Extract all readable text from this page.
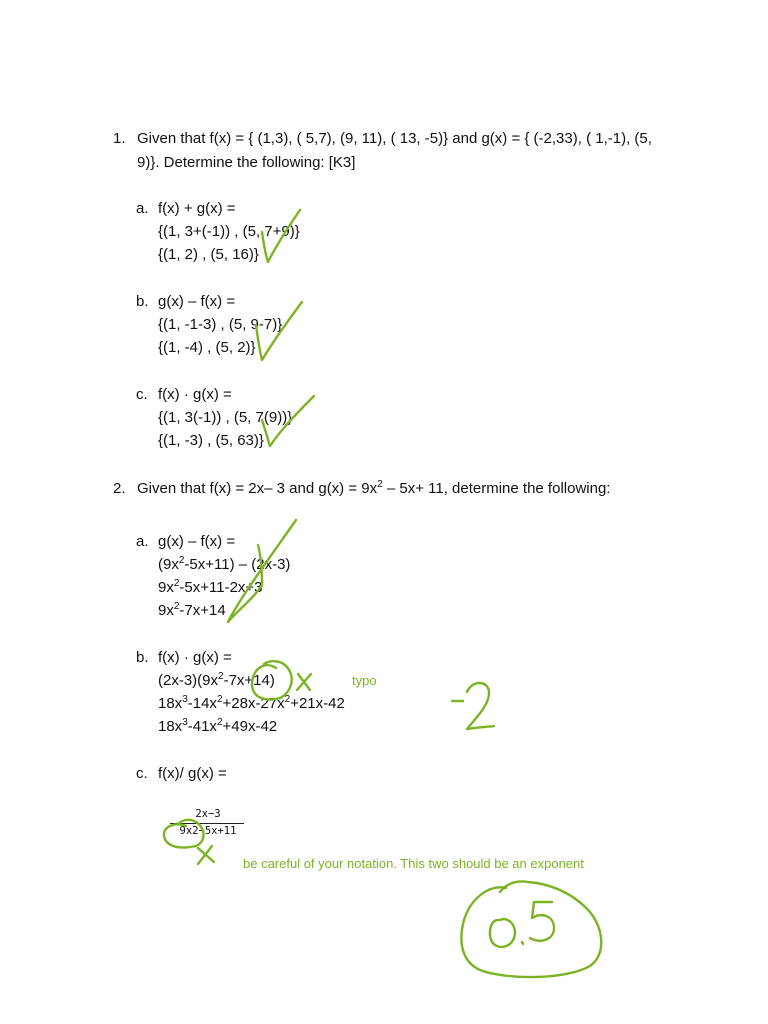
1. Given that f(x) = { (1,3), ( 5,7), (9, 11), ( 13, -5)} and g(x) = { (-2,33), ( 1,-1), (5,
9)}. Determine the following: [K3]
a. f(x) + g(x) =
{(1, 3+(-1)) , (5, 7+9)}
{(1, 2) , (5, 16)}
b. g(x) – f(x) =
{(1, -1-3) , (5, 9-7)}
{(1, -4) , (5, 2)}
c. f(x) · g(x) =
{(1, 3(-1)) , (5, 7(9))}
{(1, -3) , (5, 63)}
2. Given that f(x) = 2x– 3 and $g(x) = 9x^2 - 5x+ 11$, determine the following:
a. g(x) – f(x) =
$(9x^2-5x+11) - (2x-3)$
$9x^2-5x+11-2x+3$
$9x^2-7x+14$
b. f(x) · g(x) =
$(2x-3)(9x^2-7x+14)$
$18x^3-14x^2+28x-27x^2+21x-42$
$18x^3-41x^2+49x-42$
c. f(x)/ g(x) =
2x−3
9x2−5x+11
typo
be careful of your notation. This two should be an exponent
